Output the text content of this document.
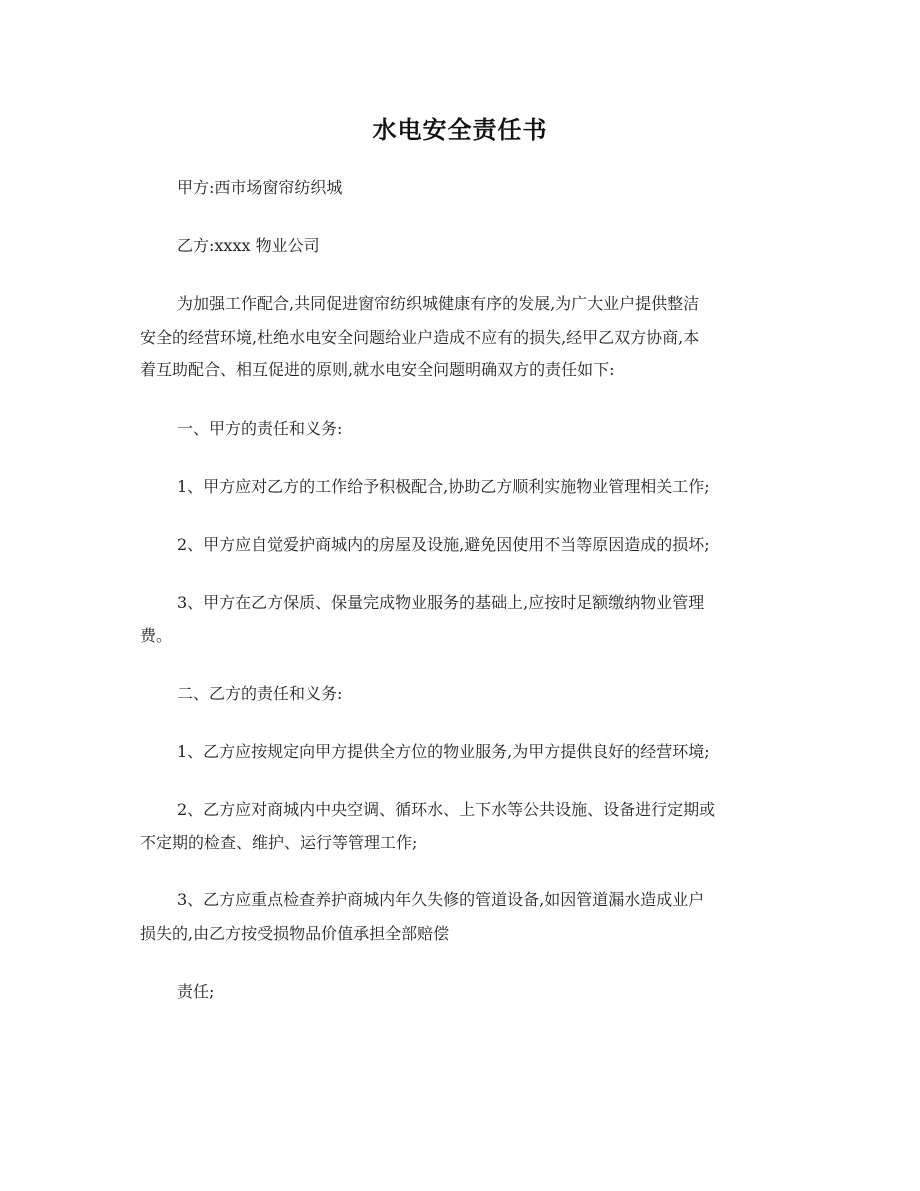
水电安全责任书

甲方:西市场窗帘纺织城

乙方:xxxx 物业公司

为加强工作配合,共同促进窗帘纺织城健康有序的发展,为广大业户提供整洁

安全的经营环境,杜绝水电安全问题给业户造成不应有的损失,经甲乙双方协商,本

着互助配合、相互促进的原则,就水电安全问题明确双方的责任如下:

一、甲方的责任和义务:

1、甲方应对乙方的工作给予积极配合,协助乙方顺利实施物业管理相关工作;

2、甲方应自觉爱护商城内的房屋及设施,避免因使用不当等原因造成的损坏;

3、甲方在乙方保质、保量完成物业服务的基础上,应按时足额缴纳物业管理

费。

二、乙方的责任和义务:

1、乙方应按规定向甲方提供全方位的物业服务,为甲方提供良好的经营环境;

2、乙方应对商城内中央空调、循环水、上下水等公共设施、设备进行定期或

不定期的检查、维护、运行等管理工作;

3、乙方应重点检查养护商城内年久失修的管道设备,如因管道漏水造成业户

损失的,由乙方按受损物品价值承担全部赔偿

责任;
